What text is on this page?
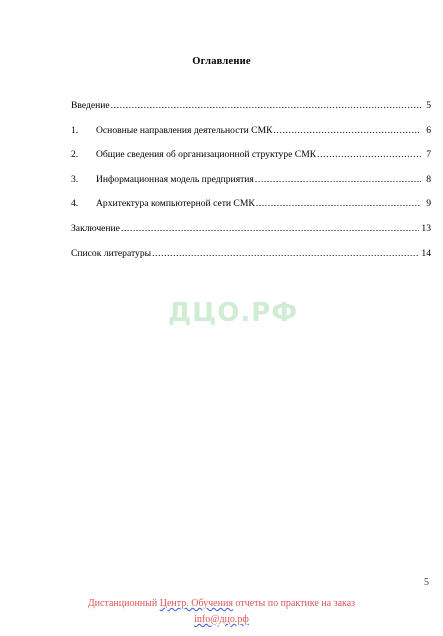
Оглавление
Введение .....	5
1.	Основные направления деятельности СМК .....	6
2.	Общие сведения об организационной структуре СМК .....	7
3.	Информационная модель предприятия .....	8
4.	Архитектура компьютерной сети СМК .....	9
Заключение .....	13
Список литературы .....	14
ДЦО.РФ
5
Дистанционный Центр. Обучения отчеты по практике на заказ
info@дцо.рф
